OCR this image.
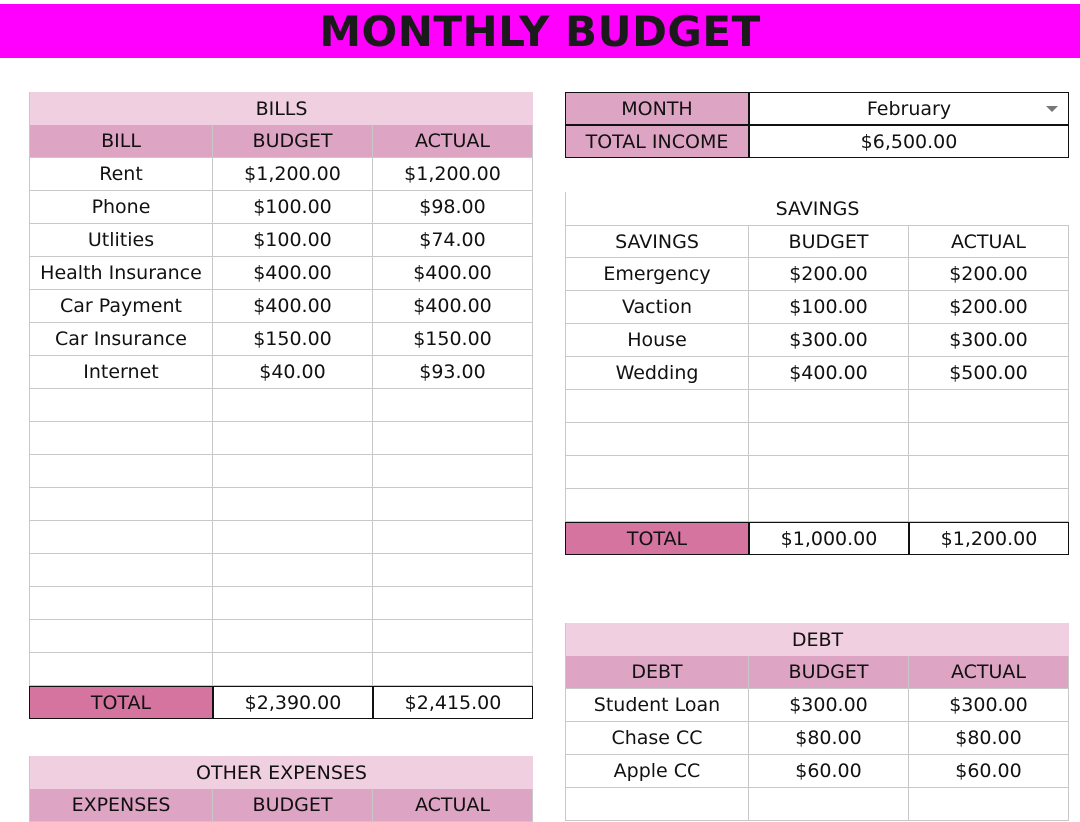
MONTHLY BUDGET
BILLS
BILL	BUDGET	ACTUAL
Rent	$1,200.00	$1,200.00
Phone	$100.00	$98.00
Utlities	$100.00	$74.00
Health Insurance	$400.00	$400.00
Car Payment	$400.00	$400.00
Car Insurance	$150.00	$150.00
Internet	$40.00	$93.00
TOTAL	$2,390.00	$2,415.00
OTHER EXPENSES
EXPENSES	BUDGET	ACTUAL
MONTH	February
TOTAL INCOME	$6,500.00
SAVINGS
SAVINGS	BUDGET	ACTUAL
Emergency	$200.00	$200.00
Vaction	$100.00	$200.00
House	$300.00	$300.00
Wedding	$400.00	$500.00
TOTAL	$1,000.00	$1,200.00
DEBT
DEBT	BUDGET	ACTUAL
Student Loan	$300.00	$300.00
Chase CC	$80.00	$80.00
Apple CC	$60.00	$60.00
